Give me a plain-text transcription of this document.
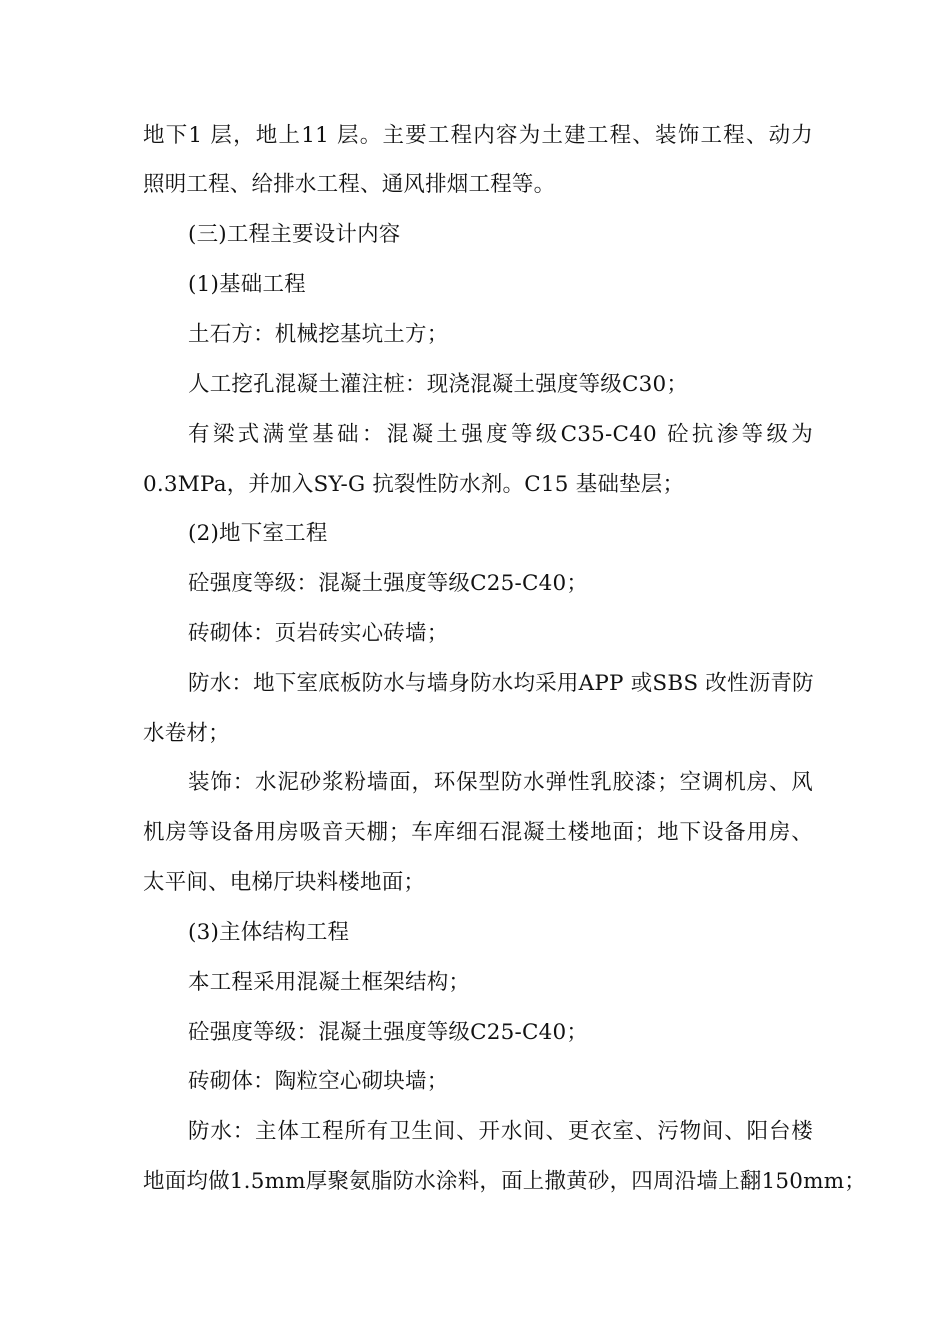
地下1 层，地上11 层。主要工程内容为土建工程、装饰工程、动力
照明工程、给排水工程、通风排烟工程等。
(三)工程主要设计内容
(1)基础工程
土石方：机械挖基坑土方；
人工挖孔混凝土灌注桩：现浇混凝土强度等级C30；
有梁式满堂基础：混凝土强度等级C35-C40 砼抗渗等级为
0.3MPa，并加入SY-G 抗裂性防水剂。C15 基础垫层；
(2)地下室工程
砼强度等级：混凝土强度等级C25-C40；
砖砌体：页岩砖实心砖墙；
防水：地下室底板防水与墙身防水均采用APP 或SBS 改性沥青防
水卷材；
装饰：水泥砂浆粉墙面，环保型防水弹性乳胶漆；空调机房、风
机房等设备用房吸音天棚；车库细石混凝土楼地面；地下设备用房、
太平间、电梯厅块料楼地面；
(3)主体结构工程
本工程采用混凝土框架结构；
砼强度等级：混凝土强度等级C25-C40；
砖砌体：陶粒空心砌块墙；
防水：主体工程所有卫生间、开水间、更衣室、污物间、阳台楼
地面均做1.5mm厚聚氨脂防水涂料，面上撒黄砂，四周沿墙上翻150mm；
